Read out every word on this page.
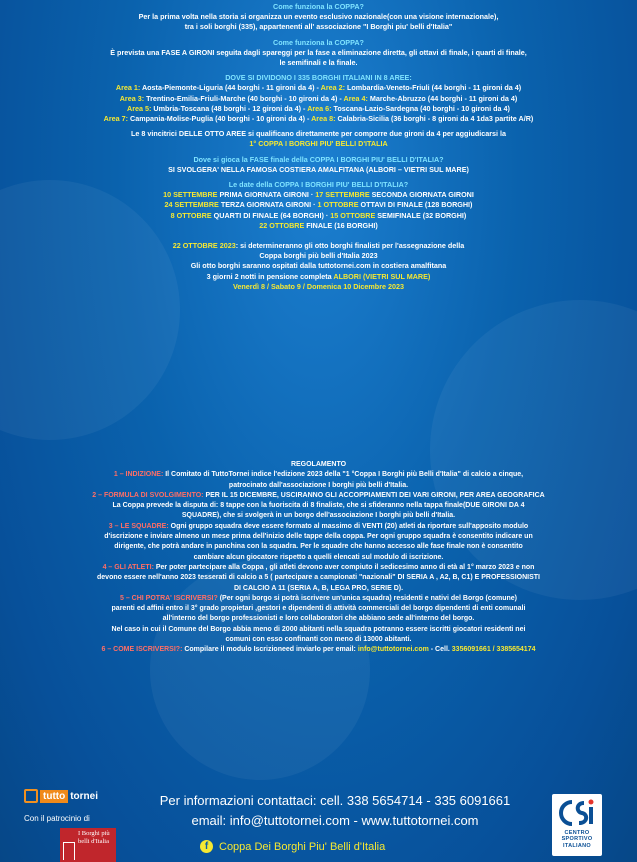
Come funziona la COPPA?

Per la prima volta nella storia si organizza un evento esclusivo nazionale(con una visione internazionale),

tra i soli borghi (335), appartenenti all' associazione "I Borghi piu' belli d'Italia"

Come funziona la COPPA?

È prevista una FASE A GIRONI seguita dagli spareggi per la fase a eliminazione diretta, gli ottavi di finale, i quarti di finale,

le semifinali e la finale.

DOVE SI DIVIDONO I 335 BORGHI ITALIANI IN 8 AREE:

Area 1: Aosta-Piemonte-Liguria (44 borghi - 11 gironi da 4) - Area 2: Lombardia-Veneto-Friuli (44 borghi - 11 gironi da 4)

Area 3: Trentino-Emilia-Friuli-Marche (40 borghi - 10 gironi da 4) - Area 4: Marche-Abruzzo (44 borghi - 11 gironi da 4)

Area 5: Umbria-Toscana (48 borghi - 12 gironi da 4) - Area 6: Toscana-Lazio-Sardegna (40 borghi - 10 gironi da 4)

Area 7: Campania-Molise-Puglia (40 borghi - 10 gironi da 4) - Area 8: Calabria-Sicilia (36 borghi - 8 gironi da 4 1da3 partite A/R)

Le 8 vincitrici DELLE OTTO AREE si qualificano direttamente per comporre due gironi da 4 per aggiudicarsi la

1° COPPA I BORGHI PIU' BELLI D'ITALIA

Dove si gioca la FASE finale della COPPA I BORGHI PIU' BELLI D'ITALIA?

SI SVOLGERA' NELLA FAMOSA COSTIERA AMALFITANA (ALBORI – VIETRI SUL MARE)

Le date della COPPA I BORGHI PIU' BELLI D'ITALIA?

10 SETTEMBRE PRIMA GIORNATA GIRONI · 17 SETTEMBRE SECONDA GIORNATA GIRONI

24 SETTEMBRE TERZA GIORNATA GIRONI · 1 OTTOBRE OTTAVI DI FINALE (128 BORGHI)

8 OTTOBRE QUARTI DI FINALE (64 BORGHI) · 15 OTTOBRE SEMIFINALE (32 BORGHI)

22 OTTOBRE FINALE (16 BORGHI)

22 OTTOBRE 2023: si determineranno gli otto borghi finalisti per l'assegnazione della

Coppa borghi più belli d'Italia 2023

Gli otto borghi saranno ospitati dalla tuttotornei.com in costiera amalfitana

3 giorni 2 notti in pensione completa ALBORI (VIETRI SUL MARE)

Venerdì 8 / Sabato 9 / Domenica 10 Dicembre 2023

REGOLAMENTO

1 – INDIZIONE: Il Comitato di TuttoTornei indice l'edizione 2023 della "1 °Coppa I Borghi più Belli d'Italia" di calcio a cinque,

patrocinato dall'associazione I borghi più belli d'Italia.

2 – FORMULA DI SVOLGIMENTO: PER IL 15 DICEMBRE, USCIRANNO GLI ACCOPPIAMENTI DEI VARI GIRONI, PER AREA GEOGRAFICA

La Coppa prevede la disputa di: 8 tappe con la fuoriscita di 8 finaliste, che si sfideranno nella tappa finale(DUE GIRONI DA 4

SQUADRE), che si svolgerà in un borgo dell'associazione I borghi più belli d'Italia.

3 – LE SQUADRE: Ogni gruppo squadra deve essere formato al massimo di VENTI (20) atleti da riportare sull'apposito modulo

d'iscrizione e inviare almeno un mese prima dell'inizio delle tappe della coppa. Per ogni gruppo squadra è consentito indicare un

dirigente, che potrà andare in panchina con la squadra. Per le squadre che hanno accesso alle fase finale non è consentito

cambiare alcun giocatore rispetto a quelli elencati sul modulo di iscrizione.

4 – GLI ATLETI: Per poter partecipare alla Coppa , gli atleti devono aver compiuto il sedicesimo anno di età al 1° marzo 2023 e non

devono essere nell'anno 2023 tesserati di calcio a 5 ( partecipare a campionati "nazionali" DI SERIA A , A2, B, C1) E PROFESSIONISTI

DI CALCIO A 11 (SERIA A, B, LEGA PRO, SERIE D).

5 – CHI POTRA' ISCRIVERSI? (Per ogni borgo si potrà iscrivere un'unica squadra) residenti e nativi del Borgo (comune)

parenti ed affini entro il 3° grado propietari ,gestori e dipendenti di attività commerciali del borgo dipendenti di enti comunali

all'interno del borgo professionisti e loro collaboratori che abbiano sede all'interno del borgo.

Nel caso in cui il Comune del Borgo abbia meno di 2000 abitanti nella squadra potranno essere iscritti giocatori residenti nei

comuni con esso confinanti con meno di 13000 abitanti.

6 – COME ISCRIVERSI?: Compilare il modulo Iscrizioneed inviarlo per email: info@tuttotornei.com - Cell. 3356091661 / 3385654174

tutto tornei
Con il patrocinio di
I Borghi più belli d'Italia
Per informazioni contattaci: cell. 338 5654714 - 335 6091661
email: info@tuttotornei.com - www.tuttotornei.com
f Coppa Dei Borghi Piu' Belli d'Italia
CENTRO SPORTIVO ITALIANO
